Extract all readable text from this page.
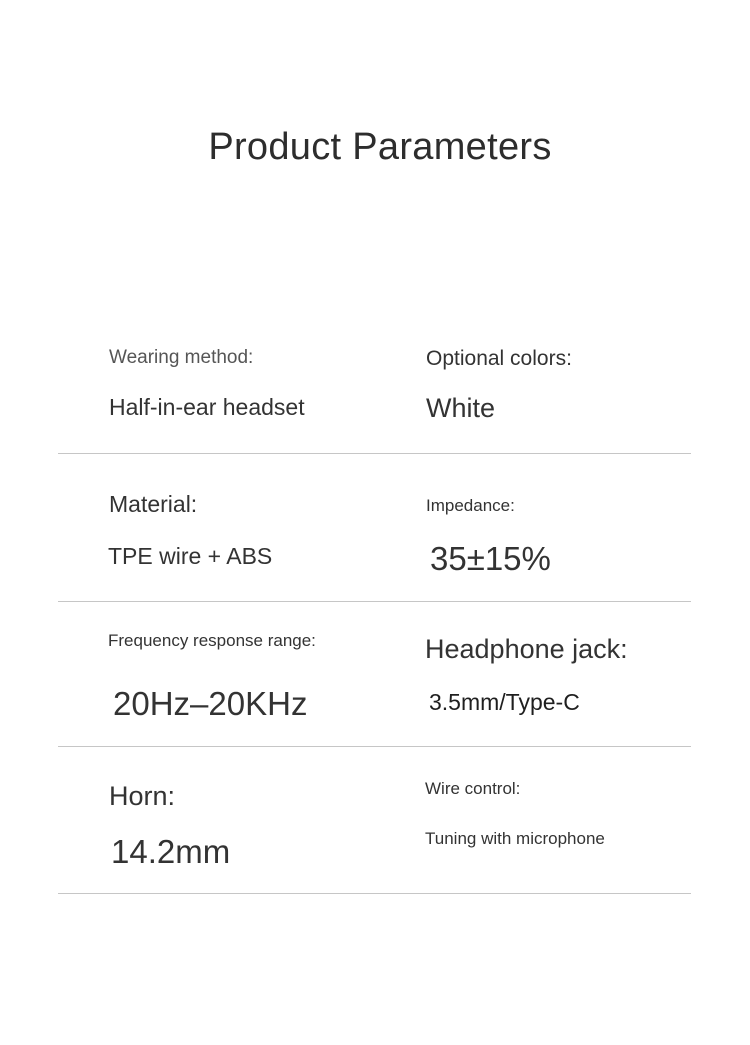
Product Parameters
Wearing method:
Half-in-ear headset
Optional colors:
White
Material:
TPE wire + ABS
Impedance:
35±15%
Frequency response range:
20Hz–20KHz
Headphone jack:
3.5mm/Type-C
Horn:
14.2mm
Wire control:
Tuning with microphone
